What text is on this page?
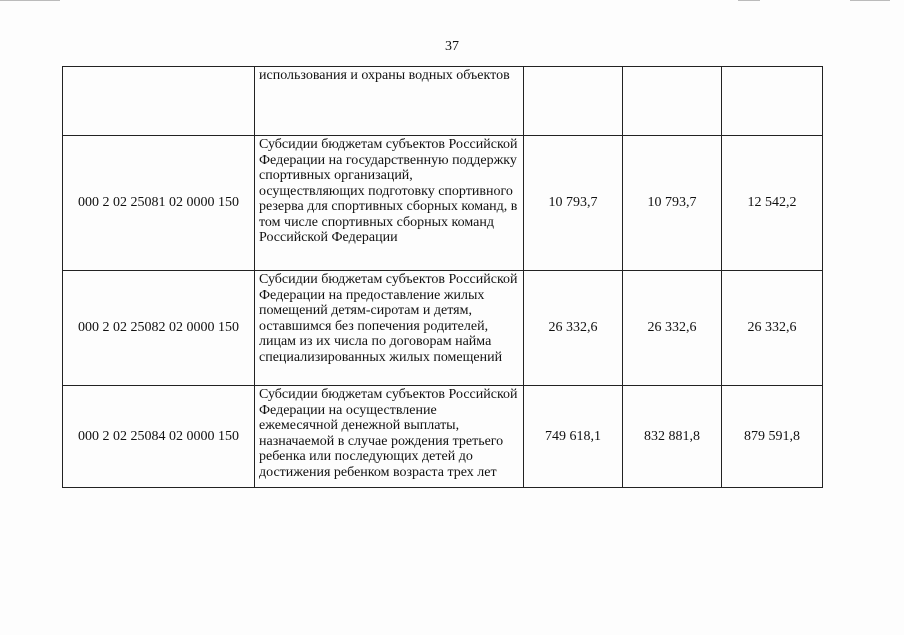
37

	использования и охраны водных объектов			

000 2 02 25081 02 0000 150	Субсидии бюджетам субъектов Российской Федерации на государственную поддержку спортивных организаций, осуществляющих подготовку спортивного резерва для спортивных сборных команд, в том числе спортивных сборных команд Российской Федерации	10 793,7	10 793,7	12 542,2
000 2 02 25082 02 0000 150	Субсидии бюджетам субъектов Российской Федерации на предоставление жилых помещений детям-сиротам и детям, оставшимся без попечения родителей, лицам из их числа по договорам найма специализированных жилых помещений	26 332,6	26 332,6	26 332,6
000 2 02 25084 02 0000 150	Субсидии бюджетам субъектов Российской Федерации на осуществление ежемесячной денежной выплаты, назначаемой в случае рождения третьего ребенка или последующих детей до достижения ребенком возраста трех лет	749 618,1	832 881,8	879 591,8
